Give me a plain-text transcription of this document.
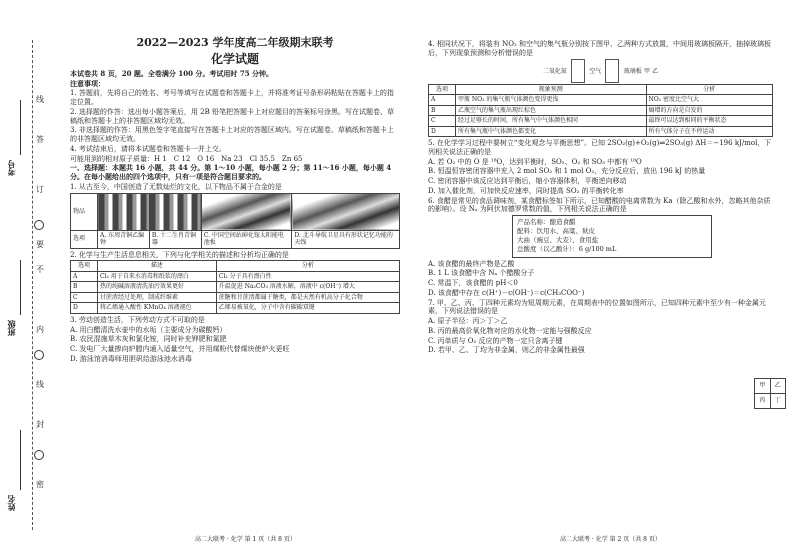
线
答
订
要
不
内
线
封
密
考号
班级
姓名

2022—2023 学年度高二年级期末联考

化学试题

本试卷共 8 页，20 题。全卷满分 100 分。考试用时 75 分钟。

注意事项：

1. 答题前，先将自己的姓名、考号等填写在试题卷和答题卡上，并将准考证号条形码粘贴在答题卡上的指定位置。

2. 选择题的作答：选出每小题答案后，用 2B 铅笔把答题卡上对应题目的答案标号涂黑。写在试题卷、草稿纸和答题卡上的非答题区域均无效。

3. 非选择题的作答：用黑色签字笔直接写在答题卡上对应的答题区域内。写在试题卷、草稿纸和答题卡上的非答题区域均无效。

4. 考试结束后，请将本试题卷和答题卡一并上交。

可能用到的相对原子质量：H 1　C 12　O 16　Na 23　Cl 35.5　Zn 65

一、选择题：本题共 16 小题，共 44 分。第 1～10 小题，每小题 2 分；第 11～16 小题，每小题 4 分。在每小题给出的四个选项中，只有一项是符合题目要求的。

1. 从古至今，中国创造了无数灿烂的文化，以下物品不属于合金的是

物品				
选项	A. 东周青铜乙编钟	B. 十二生肖青铜器	C. 中国空间站砷化镓太阳能电池板	D. 北斗导航卫星具有形状记忆功能的天线

2. 化学与生产生活息息相关，下列与化学相关的描述和分析均正确的是

选项	描述	分析
A	Cl₂ 用于自来水消毒和纸浆的漂白	Cl₂ 分子具有漂白性
B	热的纯碱溶液清洗油污效果更好	升温促进 Na₂CO₃ 溶液水解，溶液中 c(OH⁻) 增大
C	甘蔗渣经过处理，制成纤维素	蔗糖和甘蔗渣都属于糖类，都是天然有机高分子化合物
D	将乙烯通入酸性 KMnO₄ 溶液褪色	乙烯易被氧化，分子中含有碳碳双键

3. 劳动创造生活，下列劳动方式不可取的是

A. 用白醋清洗水壶中的水垢（主要成分为碳酸钙）

B. 农民混施草木灰和氯化铵，同时补充钾肥和氮肥

C. 发电厂大量掺向炉膛内通入适量空气，并用煤粉代替煤块使炉火更旺

D. 游泳馆消毒师用胆矾给游泳池水消毒

高二大联考 · 化学 第 1 页（共 8 页）

4. 相同状况下，将装有 NO₂ 和空气的集气瓶分别按下图甲、乙两种方式放置，中间用玻璃板隔开，抽掉玻璃板后，下列现象预测和分析错误的是

二氧化氮	空气	玻璃板 甲 乙
选项	现象预测	分析
A	甲瓶 NO₂ 的集气瓶气体颜色变得更浅	NO₂ 密度比空气大
B	乙瓶空气的集气瓶出现红棕色	熵增的方向是自发的
C	经过足够长的时间，所有集气中气体颜色相同	最终可以达到相同的平衡状态
D	所有集气瓶中气体颜色都变化	所有气体分子在不停运动

5. 在化学学习过程中要树立“变化观念与平衡思想”。已知 2SO₂(g)+O₂(g)⇌2SO₃(g) ΔH＝−196 kJ/mol，下列相关说法正确的是

A. 若 O₂ 中的 O 是 ¹⁸O，达到平衡时，SO₂、O₂ 和 SO₃ 中都有 ¹⁸O

B. 恒温恒容密闭容器中充入 2 mol SO₂ 和 1 mol O₂，充分反应后，放出 196 kJ 的热量

C. 密闭容器中该反应达到平衡后，缩小容器体积，平衡逆向移动

D. 加入催化剂，可加快反应速率，同时提高 SO₂ 的平衡转化率

6. 食醋是常见的食品调味剂，某食醋标签如下所示，已知醋酸的电离常数为 Ka（除乙酸和水外，忽略其他杂质的影响）。设 Nₐ 为阿伏加德罗常数的值，下列相关说法正确的是

产品名称：酿造食醋

配料：饮用水、高粱、麸皮

大曲（豌豆、大麦）、食用盐

总酸度（以乙酸计）：6 g/100 mL

A. 该食醋的最终产物是乙酸

B. 1 L 该食醋中含 Nₐ 个醋酸分子

C. 常温下，该食醋的 pH＜0

D. 该食醋中存在 c(H⁺)－c(OH⁻)＝c(CH₃COO⁻)

7. 甲、乙、丙、丁四种元素均为短周期元素，在周期表中的位置如图所示，已知四种元素中至少有一种金属元素，下列说法错误的是

A. 原子半径：丙＞丁＞乙

B. 丙的最高价氧化物对应的水化物一定能与强酸反应

C. 丙单质与 O₂ 反应的产物一定只含离子键

D. 若甲、乙、丁均为非金属，则乙的非金属性最强

甲	乙
丙	丁
高二大联考 · 化学 第 2 页（共 8 页）
